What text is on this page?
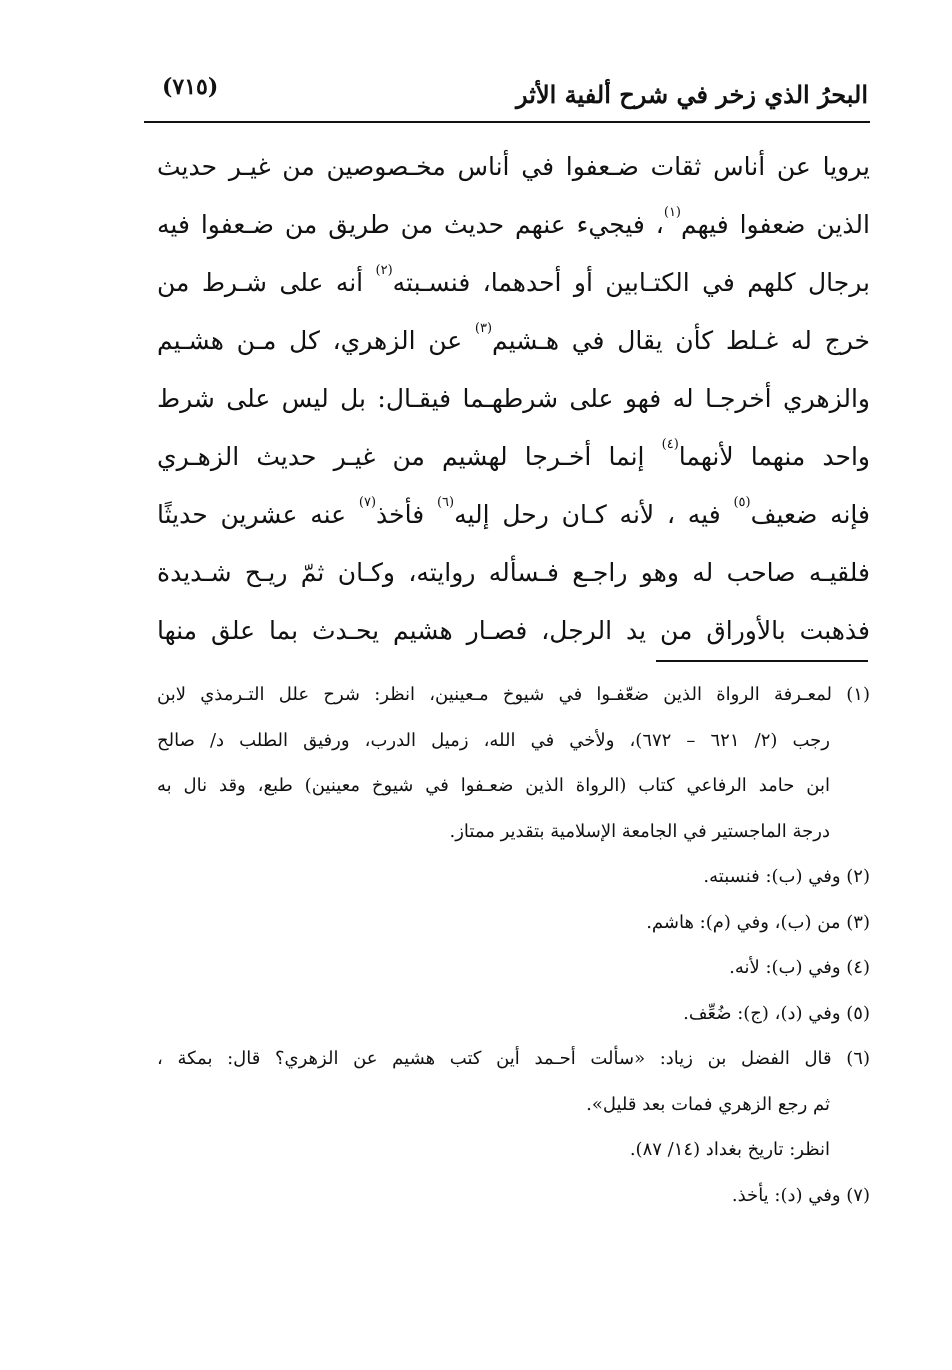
(٧١٥)	البحرُ الذي زخر في شرح ألفية الأثر
يرويا عن أناس ثقات ضـعفوا في أناس مخـصوصين من غيـر حديث
الذين ضعفوا فيهم$^{(١)}$، فيجيء عنهم حديث من طريق من ضـعفوا فيه
برجال كلهم في الكتـابين أو أحدهما، فنسـبته$^{(٢)}$ أنه على شـرط من
خرج له غـلط كأن يقال في هـشيم$^{(٣)}$ عن الزهري، كل مـن هشـيم
والزهري أخرجـا له فهو على شرطهـما فيقـال: بل ليس على شرط
واحد منهما لأنهما$^{(٤)}$ إنما أخـرجا لهشيم من غيـر حديث الزهـري
فإنه ضعيف$^{(٥)}$ فيه ، لأنه كـان رحل إليه$^{(٦)}$ فأخذ$^{(٧)}$ عنه عشرين حديثًا
فلقيـه صاحب له وهو راجـع فـسأله روايته، وكـان ثمّ ريـح شـديدة
فذهبت بالأوراق من يد الرجل، فصـار هشيم يحـدث بما علق منها
(١) لمعـرفة الرواة الذين ضعّفـوا في شيوخ مـعينين، انظر: شرح علل التـرمذي لابن
رجب (٢/ ٦٢١ – ٦٧٢)، ولأخي في الله، زميل الدرب، ورفيق الطلب د/ صالح
ابن حامد الرفاعي كتاب (الرواة الذين ضعـفوا في شيوخ معينين) طبع، وقد نال به
درجة الماجستير في الجامعة الإسلامية بتقدير ممتاز.
(٢) وفي (ب): فنسبته.
(٣) من (ب)، وفي (م): هاشم.
(٤) وفي (ب): لأنه.
(٥) وفي (د)، (ج): ضُعِّف.
(٦) قال الفضل بن زياد: «سألت أحـمد أين كتب هشيم عن الزهري؟ قال: بمكة ،
ثم رجع الزهري فمات بعد قليل».
انظر: تاريخ بغداد (١٤/ ٨٧).
(٧) وفي (د): يأخذ.
